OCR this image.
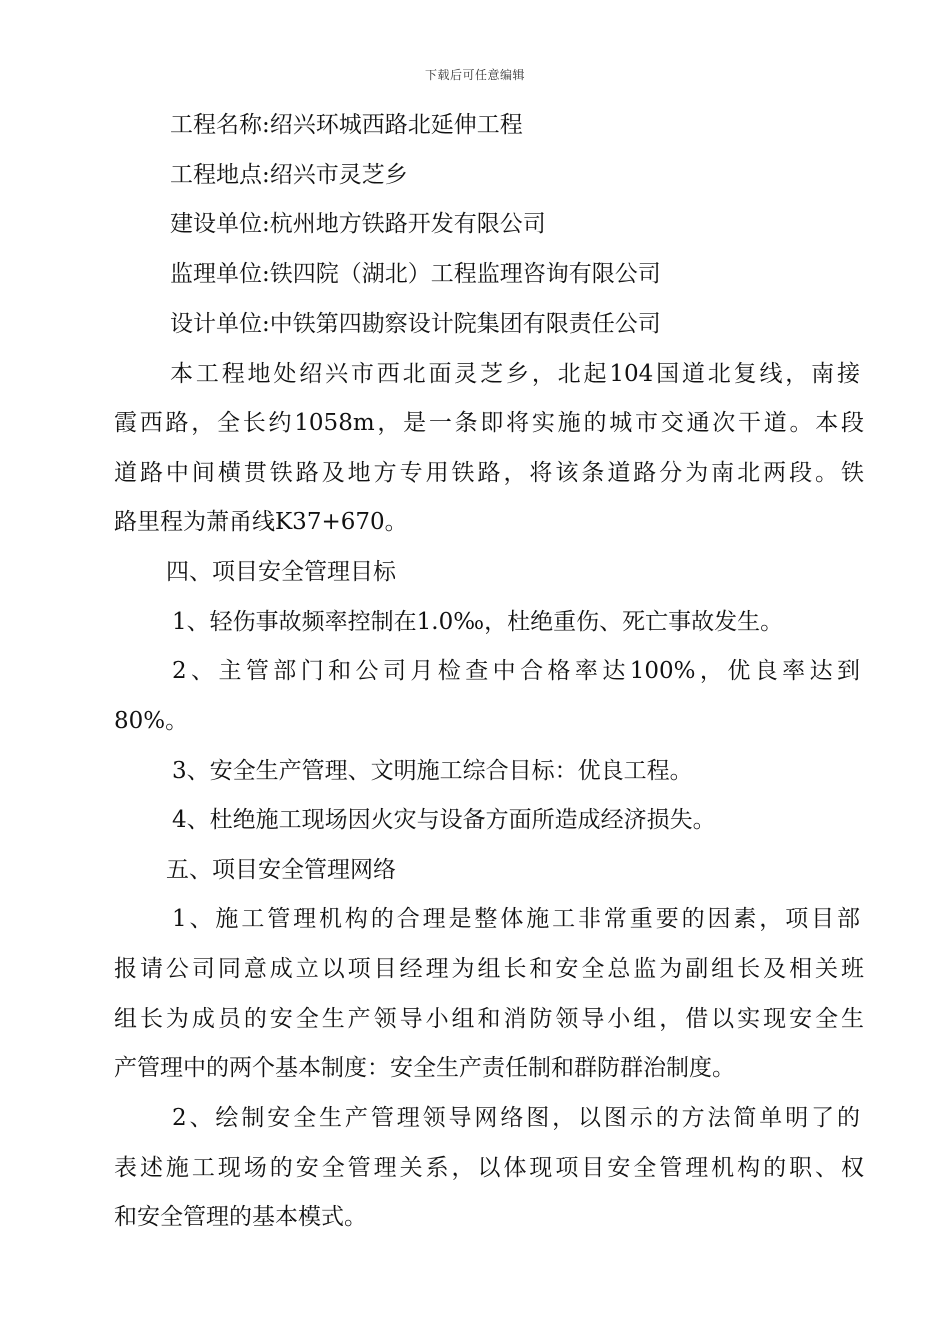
下载后可任意编辑
工程名称:绍兴环城西路北延伸工程
工程地点:绍兴市灵芝乡
建设单位:杭州地方铁路开发有限公司
监理单位:铁四院（湖北）工程监理咨询有限公司
设计单位:中铁第四勘察设计院集团有限责任公司
本工程地处绍兴市西北面灵芝乡，北起104国道北复线，南接
霞西路，全长约1058m，是一条即将实施的城市交通次干道。本段
道路中间横贯铁路及地方专用铁路，将该条道路分为南北两段。铁
路里程为萧甬线K37+670。
四、项目安全管理目标
1、轻伤事故频率控制在1.0‰，杜绝重伤、死亡事故发生。
2、主管部门和公司月检查中合格率达100%，优良率达到
80%。
3、安全生产管理、文明施工综合目标：优良工程。
4、杜绝施工现场因火灾与设备方面所造成经济损失。
五、项目安全管理网络
1、施工管理机构的合理是整体施工非常重要的因素，项目部
报请公司同意成立以项目经理为组长和安全总监为副组长及相关班
组长为成员的安全生产领导小组和消防领导小组，借以实现安全生
产管理中的两个基本制度：安全生产责任制和群防群治制度。
2、绘制安全生产管理领导网络图，以图示的方法简单明了的
表述施工现场的安全管理关系，以体现项目安全管理机构的职、权
和安全管理的基本模式。
